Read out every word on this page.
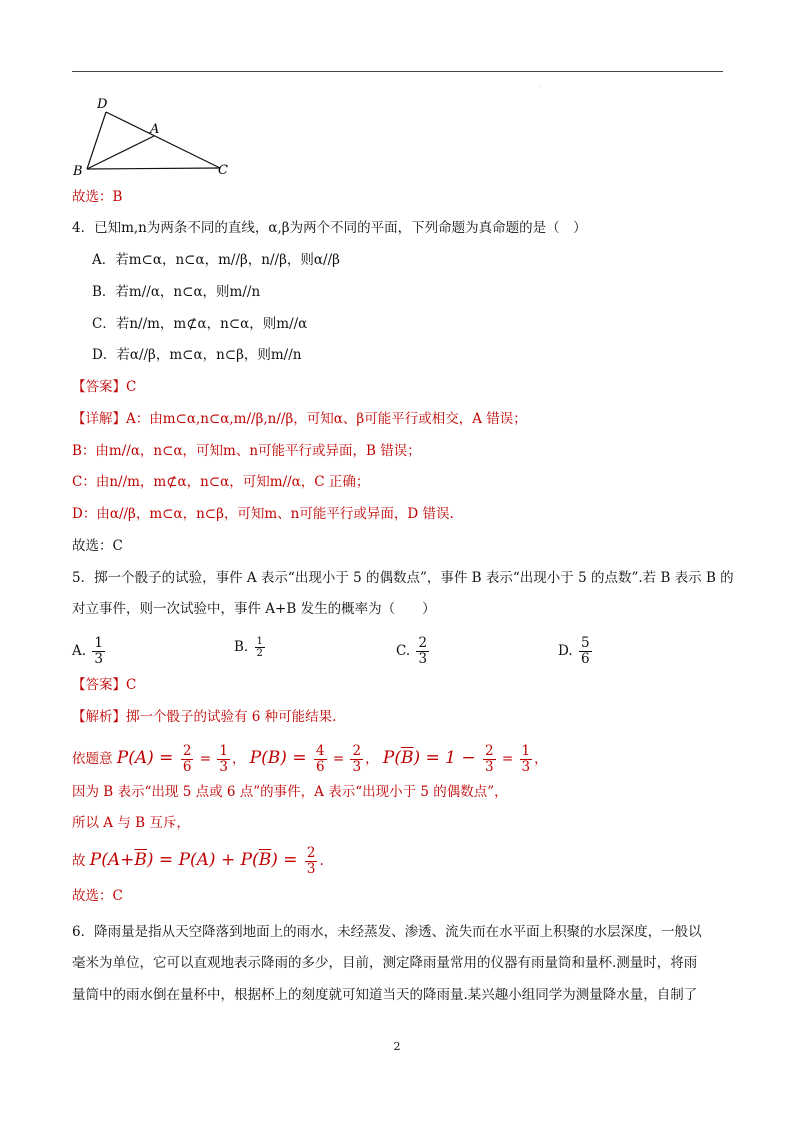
·
D
A
B	C
故选：B
4．已知m,n为两条不同的直线，α,β为两个不同的平面，下列命题为真命题的是（　）
A．若m⊂α，n⊂α，m//β，n//β，则α//β
B．若m//α，n⊂α，则m//n
C．若n//m，m⊄α，n⊂α，则m//α
D．若α//β，m⊂α，n⊂β，则m//n
【答案】C
【详解】A：由m⊂α,n⊂α,m//β,n//β，可知α、β可能平行或相交，A 错误；
B：由m//α，n⊂α，可知m、n可能平行或异面，B 错误；
C：由n//m，m⊄α，n⊂α，可知m//α，C 正确；
D：由α//β，m⊂α，n⊂β，可知m、n可能平行或异面，D 错误.
故选：C
5．掷一个骰子的试验，事件 A 表示“出现小于 5 的偶数点”，事件 B 表示“出现小于 5 的点数”.若 B 表示 B 的
对立事件，则一次试验中，事件 A+B 发生的概率为（　　）
A. $\frac{1}{3}$	B. $\frac{1}{2}$	C. $\frac{2}{3}$	D. $\frac{5}{6}$
【答案】C
【解析】掷一个骰子的试验有 6 种可能结果.
依题意 $P(A) = \frac{2}{6} = \frac{1}{3}$ ， $P(B) = \frac{4}{6} = \frac{2}{3}$ ， $P(\overline{B}) = 1 - \frac{2}{3} = \frac{1}{3}$ ，
因为 B 表示“出现 5 点或 6 点”的事件，A 表示“出现小于 5 的偶数点”，
所以 A 与 B 互斥，
故 $P(A+\overline{B}) = P(A) + P(\overline{B}) = \frac{2}{3}$ .
故选：C
6．降雨量是指从天空降落到地面上的雨水，未经蒸发、渗透、流失而在水平面上积聚的水层深度，一般以
毫米为单位，它可以直观地表示降雨的多少，目前，测定降雨量常用的仪器有雨量筒和量杯.测量时，将雨
量筒中的雨水倒在量杯中，根据杯上的刻度就可知道当天的降雨量.某兴趣小组同学为测量降水量，自制了
2
